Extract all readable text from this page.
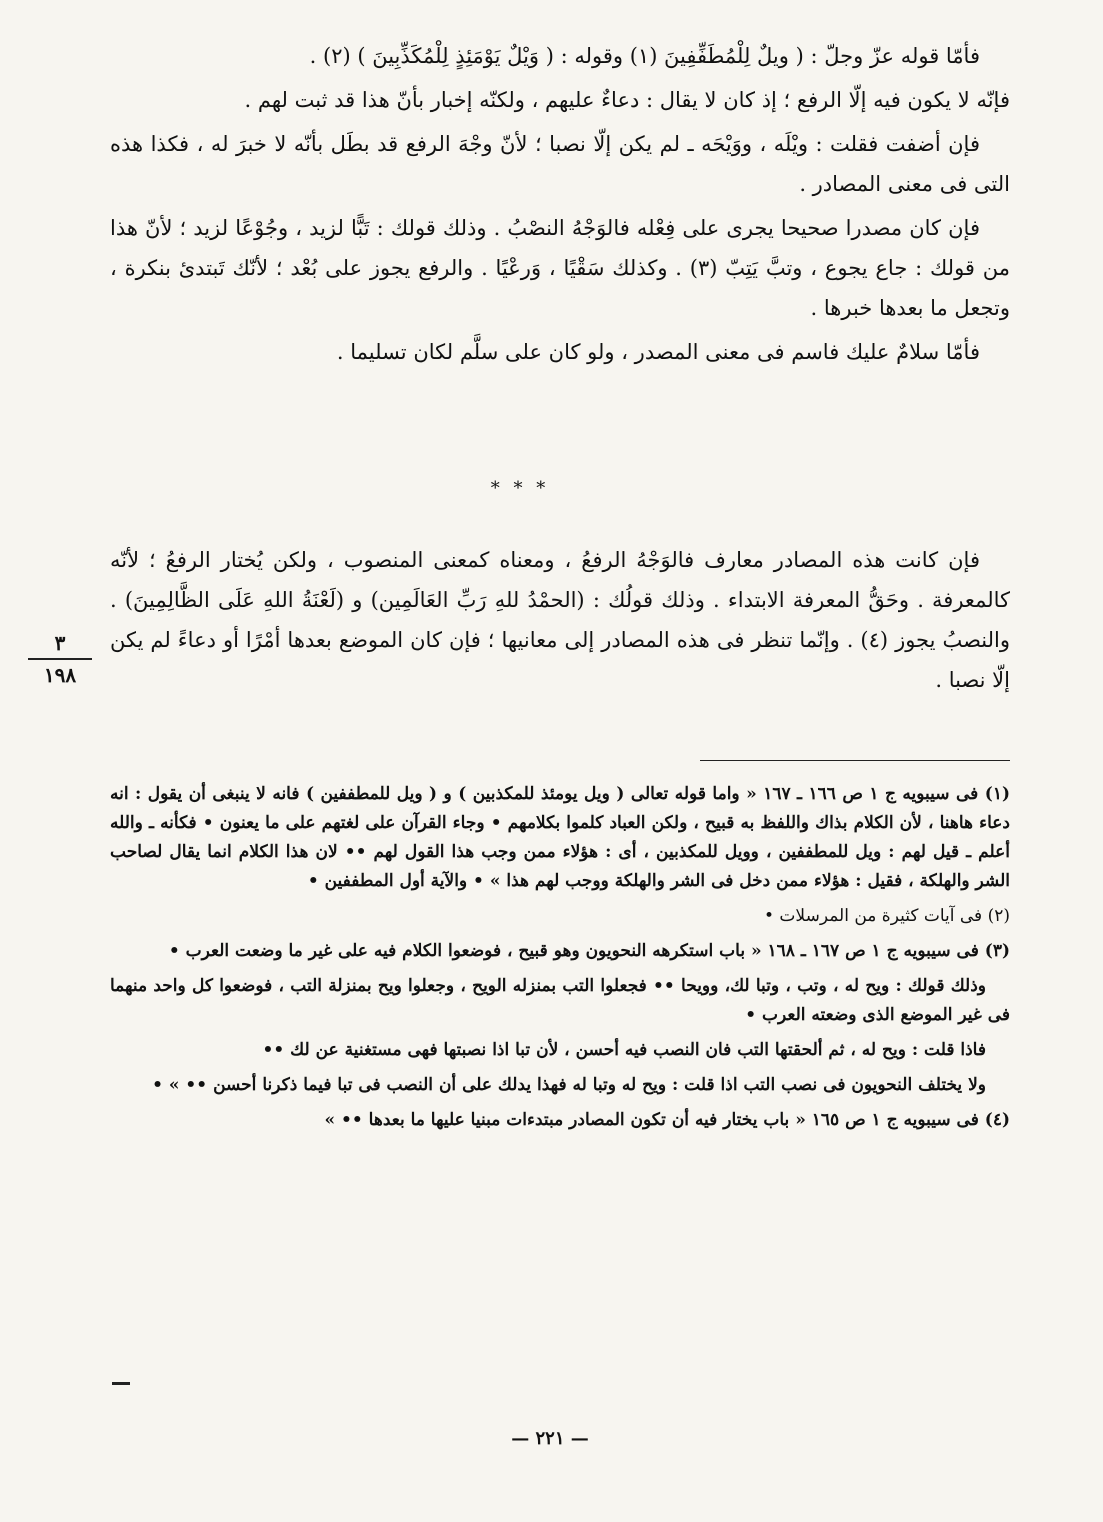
فأمّا قوله عزّ وجلّ : ( ويلٌ لِلْمُطَفِّفِينَ (١) وقوله : ( وَيْلٌ يَوْمَئِذٍ لِلْمُكَذِّبِينَ ) (٢) .

فإنّه لا يكون فيه إلّا الرفع ؛ إذ كان لا يقال : دعاءٌ عليهم ، ولكنّه إخبار بأنّ هذا قد ثبت لهم .

فإن أضفت فقلت : ويْلَه ، ووَيْحَه ـ لم يكن إلّا نصبا ؛ لأنّ وجْهَ الرفع قد بطَل بأنّه لا خبرَ له ، فكذا هذه التى فى معنى المصادر .

فإن كان مصدرا صحيحا يجرى على فِعْله فالوَجْهُ النصْبُ . وذلك قولك : تَبًّا لزيد ، وجُوْعًا لزيد ؛ لأنّ هذا من قولك : جاع يجوع ، وتبَّ يَتِبّ (٣) . وكذلك سَقْيًا ، وَرعْيًا . والرفع يجوز على بُعْد ؛ لأنّك تَبتدئ بنكرة ، وتجعل ما بعدها خبرها .

فأمّا سلامٌ عليك فاسم فى معنى المصدر ، ولو كان على سلَّم لكان تسليما .

* * *

فإن كانت هذه المصادر معارف فالوَجْهُ الرفعُ ، ومعناه كمعنى المنصوب ، ولكن يُختار الرفعُ ؛ لأنّه كالمعرفة . وحَقُّ المعرفة الابتداء . وذلك قولُك : (الحمْدُ للهِ رَبِّ العَالَمِين) و (لَعْنَةُ اللهِ عَلَى الظَّالِمِينَ) . والنصبُ يجوز (٤) . وإنّما تنظر فى هذه المصادر إلى معانيها ؛ فإن كان الموضع بعدها أمْرًا أو دعاءً لم يكن إلّا نصبا .

٣
١٩٨

(١) فى سيبويه ج ١ ص ١٦٦ ـ ١٦٧ « واما قوله تعالى ( ويل يومئذ للمكذبين ) و ( ويل للمطففين ) فانه لا ينبغى أن يقول : انه دعاء هاهنا ، لأن الكلام بذاك واللفظ به قبيح ، ولكن العباد كلموا بكلامهم • وجاء القرآن على لغتهم على ما يعنون • فكأنه ـ والله أعلم ـ قيل لهم : ويل للمطففين ، وويل للمكذبين ، أى : هؤلاء ممن وجب هذا القول لهم •• لان هذا الكلام انما يقال لصاحب الشر والهلكة ، فقيل : هؤلاء ممن دخل فى الشر والهلكة ووجب لهم هذا » • والآية أول المطففين •

(٢) فى آيات كثيرة من المرسلات •

(٣) فى سيبويه ج ١ ص ١٦٧ ـ ١٦٨ « باب استكرهه النحويون وهو قبيح ، فوضعوا الكلام فيه على غير ما وضعت العرب •

وذلك قولك : ويح له ، وتب ، وتبا لك، وويحا •• فجعلوا التب بمنزله الويح ، وجعلوا ويح بمنزلة التب ، فوضعوا كل واحد منهما فى غير الموضع الذى وضعته العرب •

فاذا قلت : ويح له ، ثم ألحقتها التب فان النصب فيه أحسن ، لأن تبا اذا نصبتها فهى مستغنية عن لك ••

ولا يختلف النحويون فى نصب التب اذا قلت : ويح له وتبا له فهذا يدلك على أن النصب فى تبا فيما ذكرنا أحسن •• » •

(٤) فى سيبويه ج ١ ص ١٦٥ « باب يختار فيه أن تكون المصادر مبتدءات مبنيا عليها ما بعدها •• »

— ٢٢١ —
